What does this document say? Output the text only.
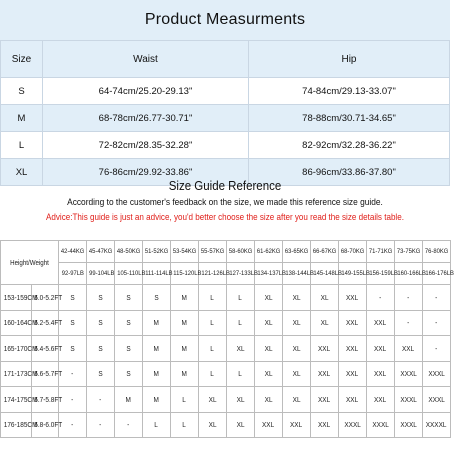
Product Measurments
Size	Waist	Hip
S	64-74cm/25.20-29.13"	74-84cm/29.13-33.07"
M	68-78cm/26.77-30.71"	78-88cm/30.71-34.65"
L	72-82cm/28.35-32.28"	82-92cm/32.28-36.22"
XL	76-86cm/29.92-33.86"	86-96cm/33.86-37.80"
Size Guide Reference
According to the customer's feedback on the size, we made this reference size guide.
Advice:This guide is just an advice, you'd better choose the size after you read the size details table.
Height/Weight		42-44KG	45-47KG	48-50KG	51-52KG	53-54KG	55-57KG	58-60KG	61-62KG	63-65KG	66-67KG	68-70KG	71-71KG	73-75KG	76-80KG
		92-97LB	99-104LB	105-110LB	111-114LB	115-120LB	121-126LB	127-133LB	134-137LB	138-144LB	145-148LB	149-155LB	156-159LB	160-166LB	166-176LB
153-159CM	5.0-5.2FT	S	S	S	S	M	L	L	XL	XL	XL	XXL	-	-	-
160-164CM	5.2-5.4FT	S	S	S	M	M	L	L	XL	XL	XL	XXL	XXL	-	-
165-170CM	5.4-5.6FT	S	S	S	M	M	L	XL	XL	XL	XXL	XXL	XXL	XXL	-
171-173CM	5.6-5.7FT	-	S	S	M	M	L	L	XL	XL	XXL	XXL	XXL	XXXL	XXXL
174-175CM	5.7-5.8FT	-	-	M	M	L	XL	XL	XL	XL	XXL	XXL	XXL	XXXL	XXXL
176-185CM	5.8-6.0FT	-	-	-	L	L	XL	XL	XXL	XXL	XXL	XXXL	XXXL	XXXL	XXXXL
